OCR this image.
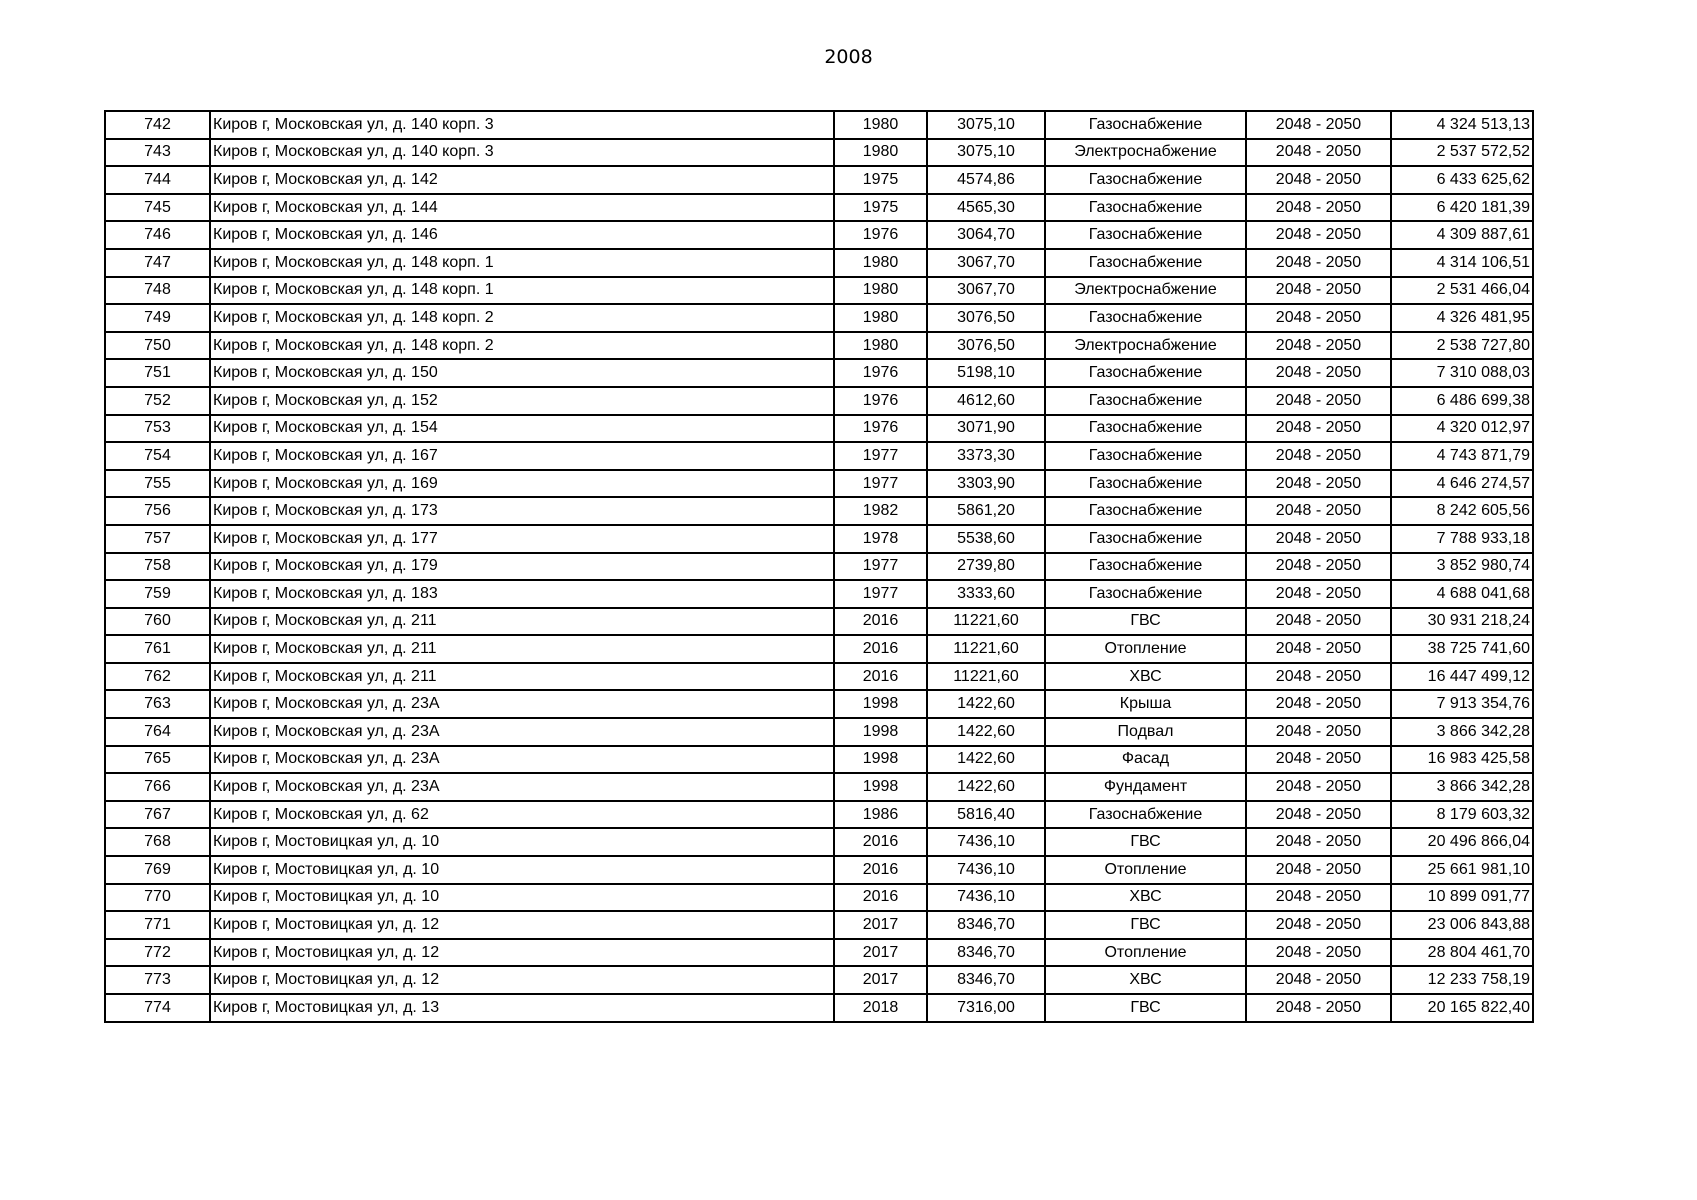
2008
742	Киров г, Московская ул, д. 140 корп. 3	1980	3075,10	Газоснабжение	2048 - 2050	4 324 513,13
743	Киров г, Московская ул, д. 140 корп. 3	1980	3075,10	Электроснабжение	2048 - 2050	2 537 572,52
744	Киров г, Московская ул, д. 142	1975	4574,86	Газоснабжение	2048 - 2050	6 433 625,62
745	Киров г, Московская ул, д. 144	1975	4565,30	Газоснабжение	2048 - 2050	6 420 181,39
746	Киров г, Московская ул, д. 146	1976	3064,70	Газоснабжение	2048 - 2050	4 309 887,61
747	Киров г, Московская ул, д. 148 корп. 1	1980	3067,70	Газоснабжение	2048 - 2050	4 314 106,51
748	Киров г, Московская ул, д. 148 корп. 1	1980	3067,70	Электроснабжение	2048 - 2050	2 531 466,04
749	Киров г, Московская ул, д. 148 корп. 2	1980	3076,50	Газоснабжение	2048 - 2050	4 326 481,95
750	Киров г, Московская ул, д. 148 корп. 2	1980	3076,50	Электроснабжение	2048 - 2050	2 538 727,80
751	Киров г, Московская ул, д. 150	1976	5198,10	Газоснабжение	2048 - 2050	7 310 088,03
752	Киров г, Московская ул, д. 152	1976	4612,60	Газоснабжение	2048 - 2050	6 486 699,38
753	Киров г, Московская ул, д. 154	1976	3071,90	Газоснабжение	2048 - 2050	4 320 012,97
754	Киров г, Московская ул, д. 167	1977	3373,30	Газоснабжение	2048 - 2050	4 743 871,79
755	Киров г, Московская ул, д. 169	1977	3303,90	Газоснабжение	2048 - 2050	4 646 274,57
756	Киров г, Московская ул, д. 173	1982	5861,20	Газоснабжение	2048 - 2050	8 242 605,56
757	Киров г, Московская ул, д. 177	1978	5538,60	Газоснабжение	2048 - 2050	7 788 933,18
758	Киров г, Московская ул, д. 179	1977	2739,80	Газоснабжение	2048 - 2050	3 852 980,74
759	Киров г, Московская ул, д. 183	1977	3333,60	Газоснабжение	2048 - 2050	4 688 041,68
760	Киров г, Московская ул, д. 211	2016	11221,60	ГВС	2048 - 2050	30 931 218,24
761	Киров г, Московская ул, д. 211	2016	11221,60	Отопление	2048 - 2050	38 725 741,60
762	Киров г, Московская ул, д. 211	2016	11221,60	ХВС	2048 - 2050	16 447 499,12
763	Киров г, Московская ул, д. 23А	1998	1422,60	Крыша	2048 - 2050	7 913 354,76
764	Киров г, Московская ул, д. 23А	1998	1422,60	Подвал	2048 - 2050	3 866 342,28
765	Киров г, Московская ул, д. 23А	1998	1422,60	Фасад	2048 - 2050	16 983 425,58
766	Киров г, Московская ул, д. 23А	1998	1422,60	Фундамент	2048 - 2050	3 866 342,28
767	Киров г, Московская ул, д. 62	1986	5816,40	Газоснабжение	2048 - 2050	8 179 603,32
768	Киров г, Мостовицкая ул, д. 10	2016	7436,10	ГВС	2048 - 2050	20 496 866,04
769	Киров г, Мостовицкая ул, д. 10	2016	7436,10	Отопление	2048 - 2050	25 661 981,10
770	Киров г, Мостовицкая ул, д. 10	2016	7436,10	ХВС	2048 - 2050	10 899 091,77
771	Киров г, Мостовицкая ул, д. 12	2017	8346,70	ГВС	2048 - 2050	23 006 843,88
772	Киров г, Мостовицкая ул, д. 12	2017	8346,70	Отопление	2048 - 2050	28 804 461,70
773	Киров г, Мостовицкая ул, д. 12	2017	8346,70	ХВС	2048 - 2050	12 233 758,19
774	Киров г, Мостовицкая ул, д. 13	2018	7316,00	ГВС	2048 - 2050	20 165 822,40
